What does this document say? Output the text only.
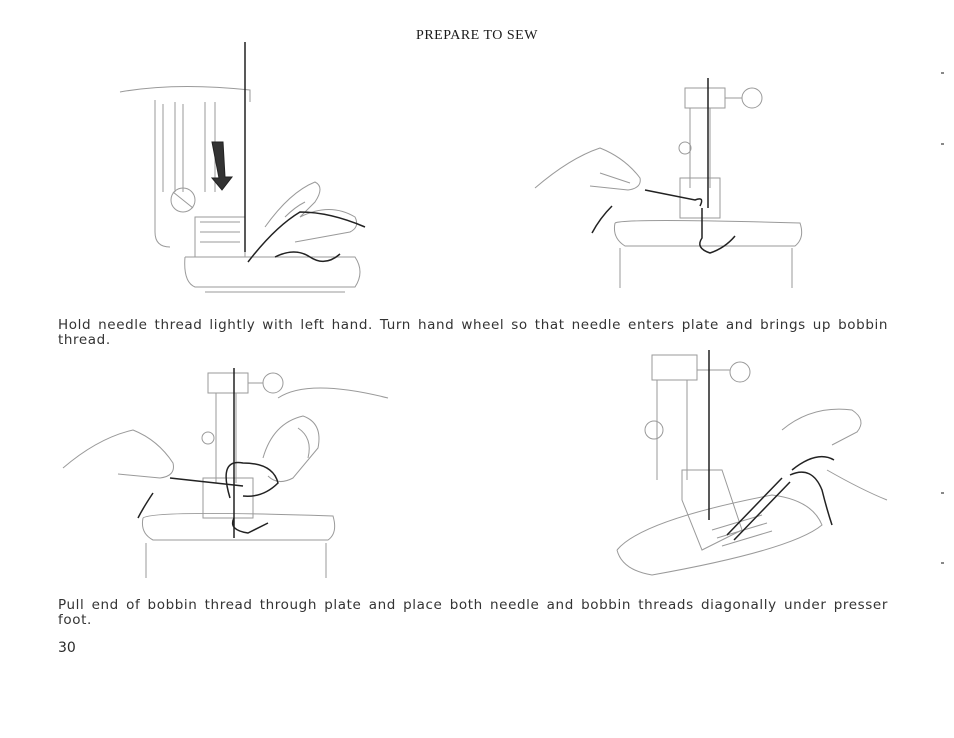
PREPARE TO SEW
Hold needle thread lightly with left hand. Turn hand wheel so that needle enters plate and brings up bobbin thread.
Pull end of bobbin thread through plate and place both needle and bobbin threads diagonally under presser foot.
30
